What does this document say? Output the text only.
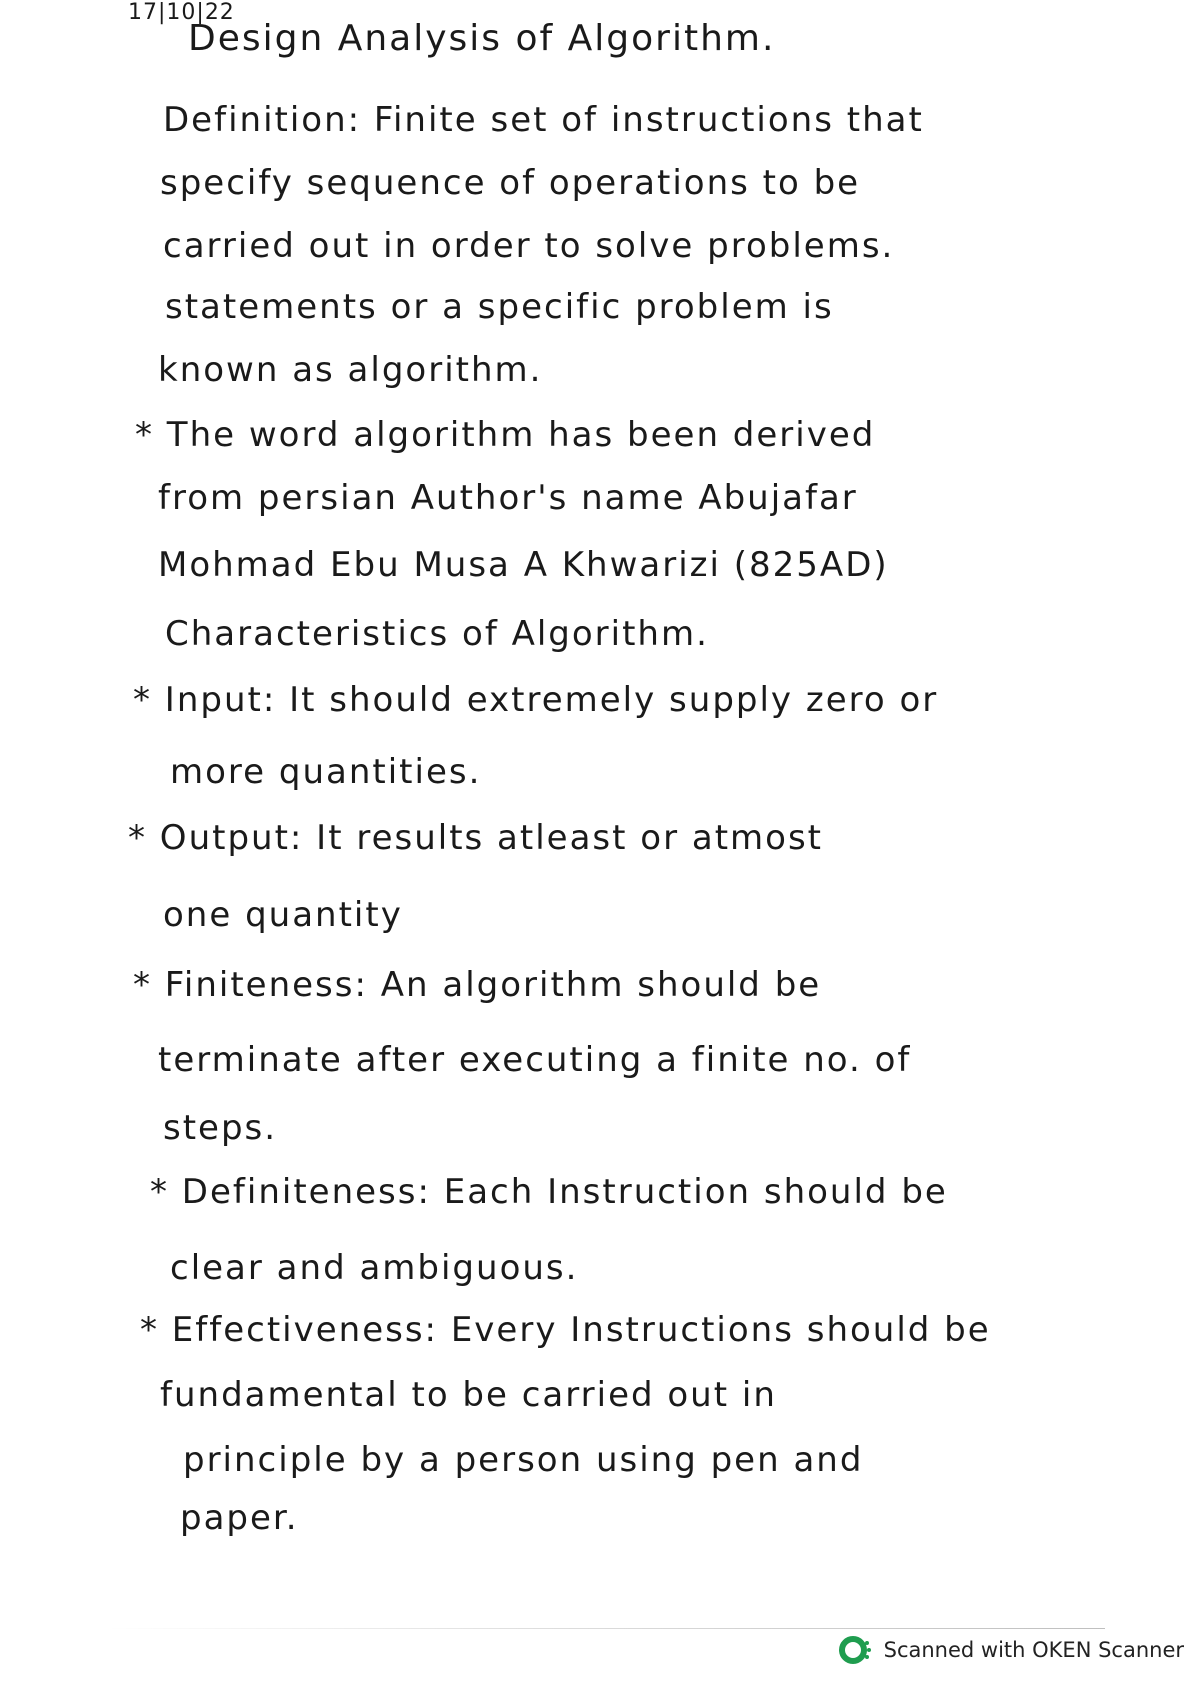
17|10|22
Design Analysis of Algorithm.
Definition: Finite set of instructions that
specify sequence of operations to be
carried out in order to solve problems.
statements or a specific problem is
known as algorithm.
* The word algorithm has been derived
from persian Author's name Abujafar
Mohmad Ebu Musa A Khwarizi (825AD)
Characteristics of Algorithm.
* Input: It should extremely supply zero or
more quantities.
* Output: It results atleast or atmost
one quantity
* Finiteness: An algorithm should be
terminate after executing a finite no. of
steps.
* Definiteness: Each Instruction should be
clear and ambiguous.
* Effectiveness: Every Instructions should be
fundamental to be carried out in
principle by a person using pen and
paper.
Scanned with OKEN Scanner
